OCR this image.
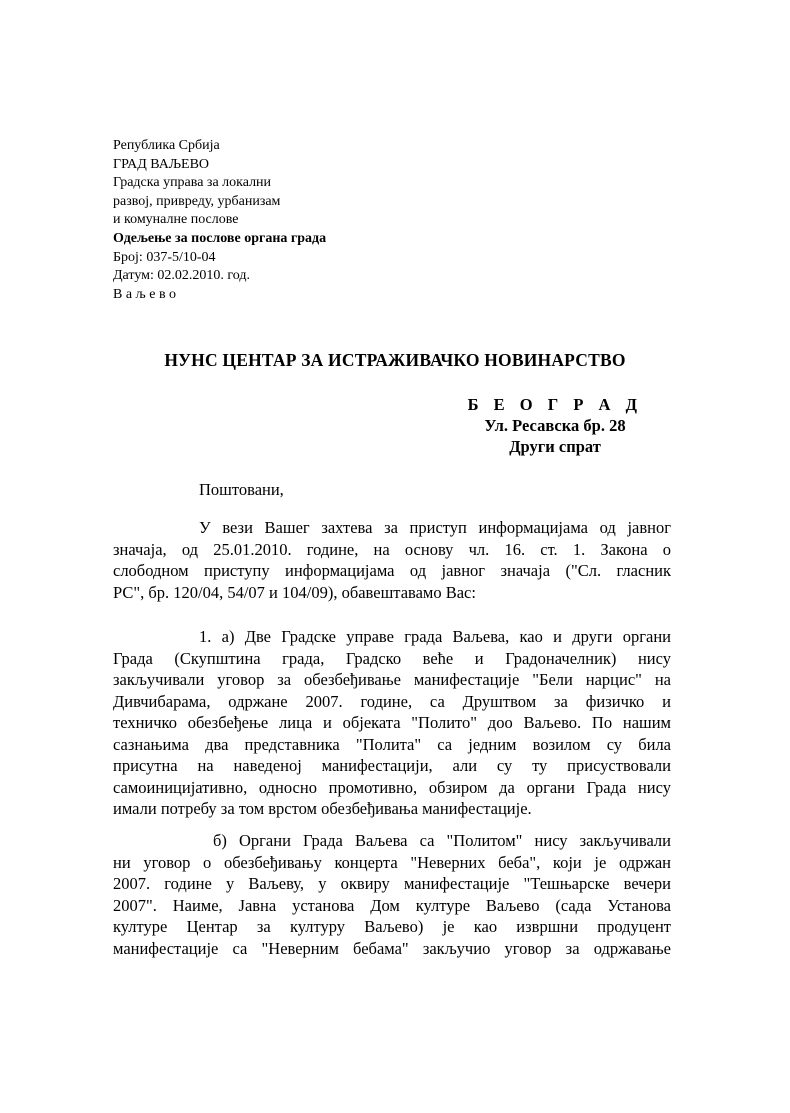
Република Србија
ГРАД ВАЉЕВО
Градска управа за локални
развој, привреду, урбанизам
и комуналне послове
Одељење за послове органа града
Број: 037-5/10-04
Датум: 02.02.2010. год.
В а љ е в о
НУНС ЦЕНТАР ЗА ИСТРАЖИВАЧКО НОВИНАРСТВО
Б Е О Г Р А Д
Ул. Ресавска бр. 28
Други спрат
Поштовани,
У вези Вашег захтева за приступ информацијама од јавног
значаја, од 25.01.2010. године, на основу чл. 16. ст. 1. Закона о
слободном приступу информацијама од јавног значаја ("Сл. гласник
РС", бр. 120/04, 54/07 и 104/09), обавештавамо Вас:
1. а) Две Градске управе града Ваљева, као и други органи
Града (Скупштина града, Градско веће и Градоначелник) нису
закључивали уговор за обезбеђивање манифестације "Бели нарцис" на
Дивчибарама, одржане 2007. године, са Друштвом за физичко и
техничко обезбеђење лица и објеката "Полито" доо Ваљево. По нашим
сазнањима два представника "Полита" са једним возилом су била
присутна на наведеној манифестацији, али су ту присуствовали
самоиницијативно, односно промотивно, обзиром да органи Града нису
имали потребу за том врстом обезбеђивања манифестације.
б) Органи Града Ваљева са "Политом" нису закључивали
ни уговор о обезбеђивању концерта "Неверних беба", који је одржан
2007. године у Ваљеву, у оквиру манифестације "Тешњарске вечери
2007". Наиме, Јавна установа Дом културе Ваљево (сада Установа
културе Центар за културу Ваљево) је као извршни продуцент
манифестације са "Неверним бебама" закључио уговор за одржавање
